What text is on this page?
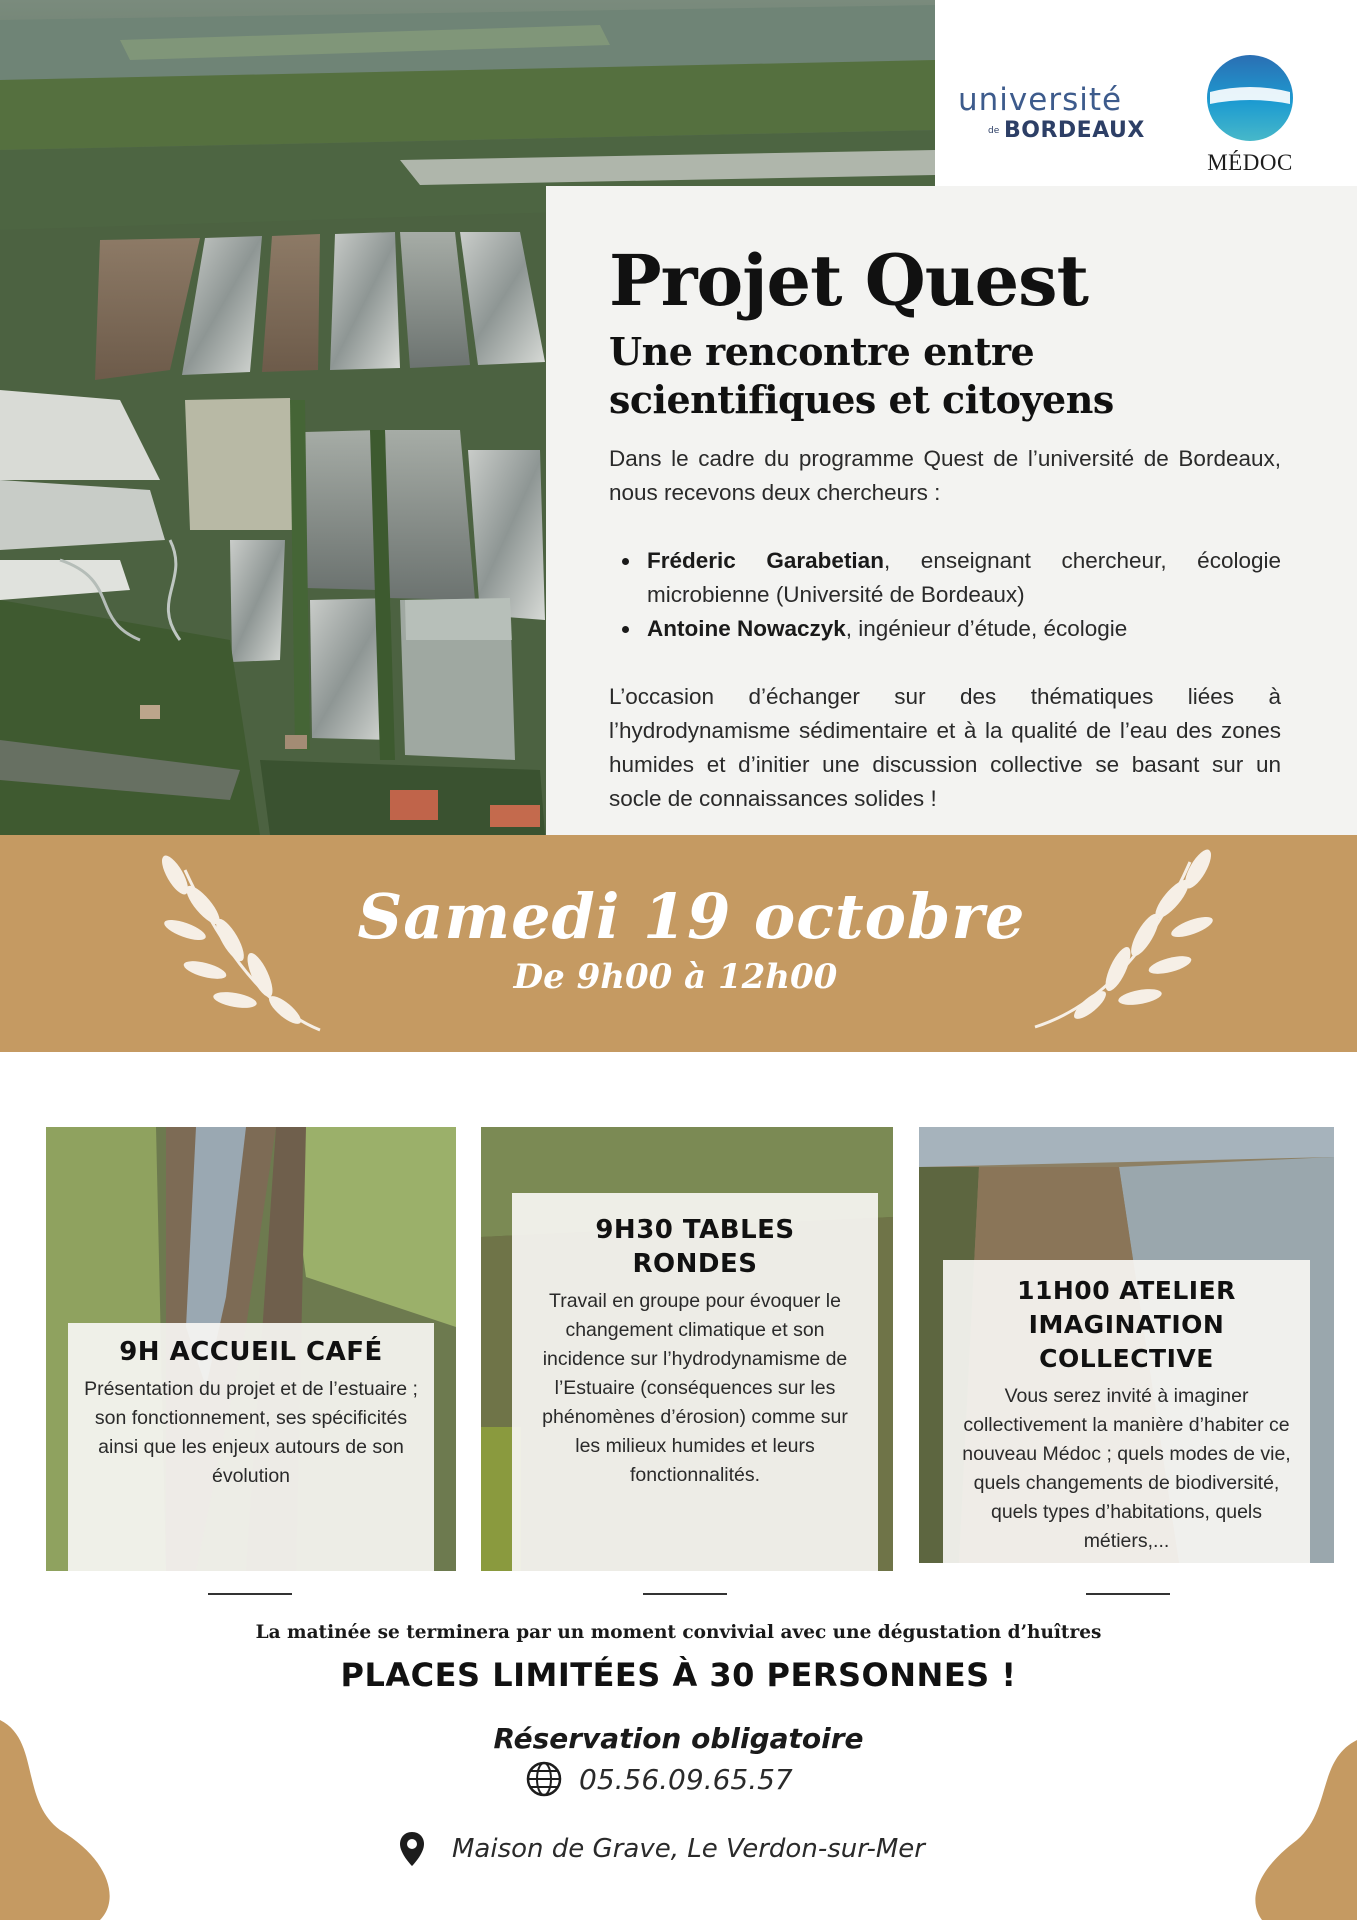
université
de BORDEAUX
MÉDOC
Projet Quest
Une rencontre entre scientifiques et citoyens

Dans le cadre du programme Quest de l’université de Bordeaux, nous recevons deux chercheurs :

Fréderic Garabetian, enseignant chercheur, écologie microbienne (Université de Bordeaux)
Antoine Nowaczyk, ingénieur d’étude, écologie

L’occasion d’échanger sur des thématiques liées à l’hydrodynamisme sédimentaire et à la qualité de l’eau des zones humides et d’initier une discussion collective se basant sur un socle de connaissances solides !

Samedi 19 octobre
De 9h00 à 12h00
9H ACCUEIL CAFÉ
Présentation du projet et de l’estuaire ; son fonctionnement, ses spécificités ainsi que les enjeux autours de son évolution
9H30 TABLES RONDES
Travail en groupe pour évoquer le changement climatique et son incidence sur l’hydrodynamisme de l’Estuaire (conséquences sur les phénomènes d’érosion) comme sur les milieux humides et leurs fonctionnalités.
11H00 ATELIER
IMAGINATION COLLECTIVE
Vous serez invité à imaginer collectivement la manière d’habiter ce nouveau Médoc ; quels modes de vie, quels changements de biodiversité, quels types d’habitations, quels métiers,...
La matinée se terminera par un moment convivial avec une dégustation d’huîtres
PLACES LIMITÉES À 30 PERSONNES !
Réservation obligatoire
05.56.09.65.57
Maison de Grave, Le Verdon-sur-Mer
